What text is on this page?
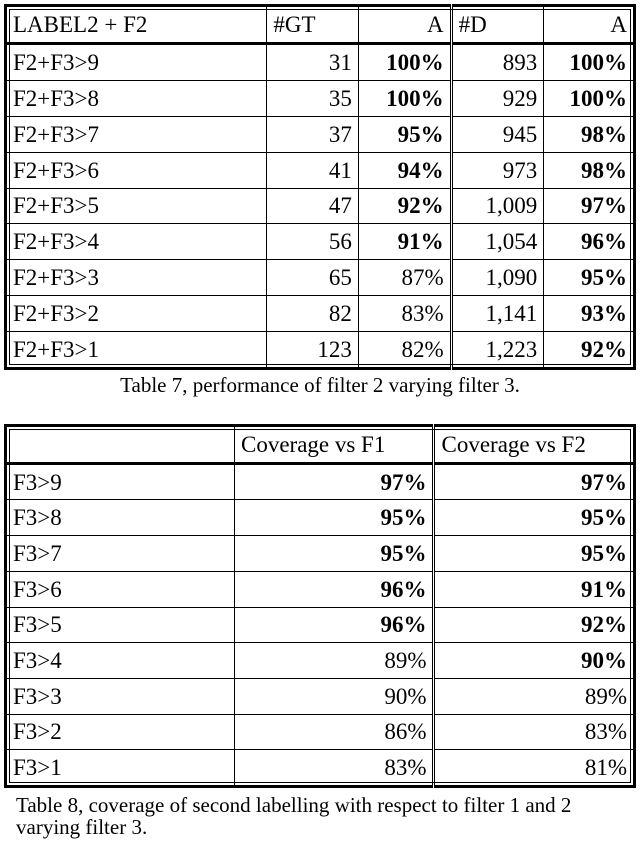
LABEL2 + F2	#GT	A	#D	A
F2+F3>9	31	100%	893	100%
F2+F3>8	35	100%	929	100%
F2+F3>7	37	95%	945	98%
F2+F3>6	41	94%	973	98%
F2+F3>5	47	92%	1,009	97%
F2+F3>4	56	91%	1,054	96%
F2+F3>3	65	87%	1,090	95%
F2+F3>2	82	83%	1,141	93%
F2+F3>1	123	82%	1,223	92%

Table 7, performance of filter 2 varying filter 3.

	Coverage vs F1	Coverage vs F2
F3>9	97%	97%
F3>8	95%	95%
F3>7	95%	95%
F3>6	96%	91%
F3>5	96%	92%
F3>4	89%	90%
F3>3	90%	89%
F3>2	86%	83%
F3>1	83%	81%

Table 8, coverage of second labelling with respect to filter 1 and 2 varying filter 3.
